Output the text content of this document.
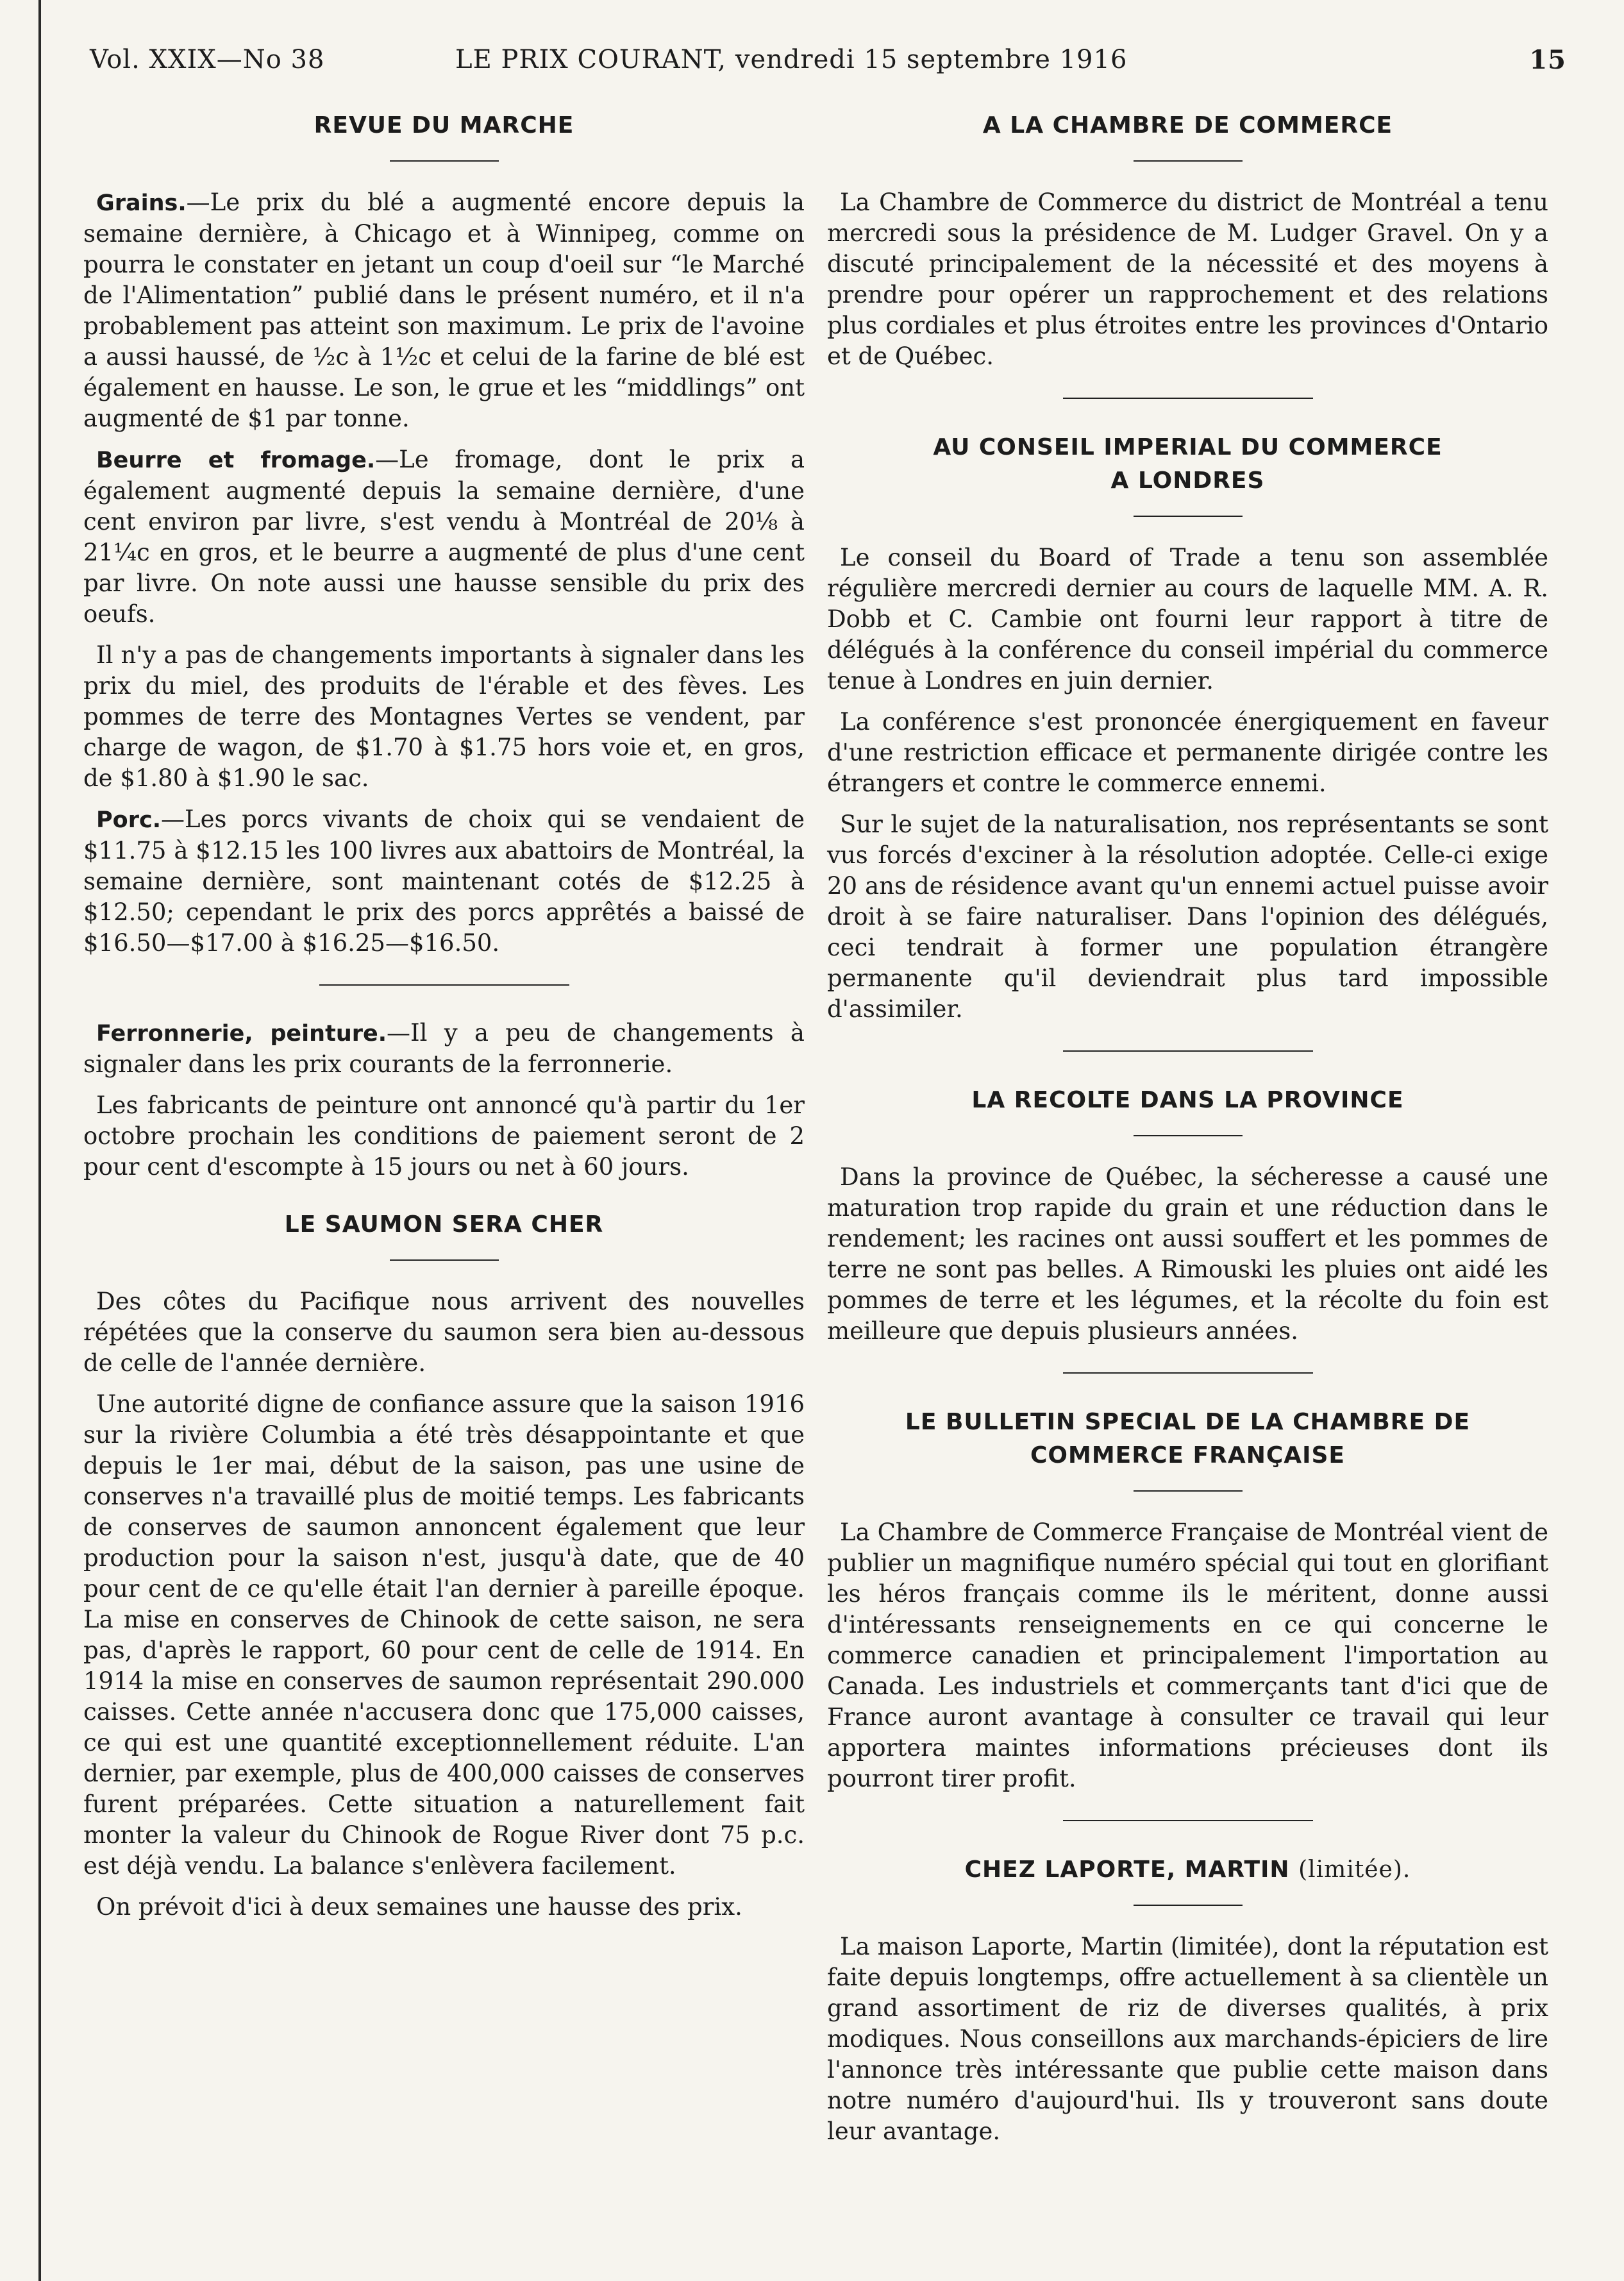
Vol. XXIX—No 38	LE PRIX COURANT, vendredi 15 septembre 1916	15
REVUE DU MARCHE

Grains.—Le prix du blé a augmenté encore depuis la semaine dernière, à Chicago et à Winnipeg, comme on pourra le constater en jetant un coup d'oeil sur “le Marché de l'Alimentation” publié dans le présent numéro, et il n'a probablement pas atteint son maximum. Le prix de l'avoine a aussi haussé, de ½c à 1½c et celui de la farine de blé est également en hausse. Le son, le grue et les “middlings” ont augmenté de $1 par tonne.

Beurre et fromage.—Le fromage, dont le prix a également augmenté depuis la semaine dernière, d'une cent environ par livre, s'est vendu à Montréal de 20⅛ à 21¼c en gros, et le beurre a augmenté de plus d'une cent par livre. On note aussi une hausse sensible du prix des oeufs.

Il n'y a pas de changements importants à signaler dans les prix du miel, des produits de l'érable et des fèves. Les pommes de terre des Montagnes Vertes se vendent, par charge de wagon, de $1.70 à $1.75 hors voie et, en gros, de $1.80 à $1.90 le sac.

Porc.—Les porcs vivants de choix qui se vendaient de $11.75 à $12.15 les 100 livres aux abattoirs de Montréal, la semaine dernière, sont maintenant cotés de $12.25 à $12.50; cependant le prix des porcs apprêtés a baissé de $16.50—$17.00 à $16.25—$16.50.

Ferronnerie, peinture.—Il y a peu de changements à signaler dans les prix courants de la ferronnerie.

Les fabricants de peinture ont annoncé qu'à partir du 1er octobre prochain les conditions de paiement seront de 2 pour cent d'escompte à 15 jours ou net à 60 jours.

LE SAUMON SERA CHER

Des côtes du Pacifique nous arrivent des nouvelles répétées que la conserve du saumon sera bien au-dessous de celle de l'année dernière.

Une autorité digne de confiance assure que la saison 1916 sur la rivière Columbia a été très désappointante et que depuis le 1er mai, début de la saison, pas une usine de conserves n'a travaillé plus de moitié temps. Les fabricants de conserves de saumon annoncent également que leur production pour la saison n'est, jusqu'à date, que de 40 pour cent de ce qu'elle était l'an dernier à pareille époque. La mise en conserves de Chinook de cette saison, ne sera pas, d'après le rapport, 60 pour cent de celle de 1914. En 1914 la mise en conserves de saumon représentait 290.000 caisses. Cette année n'accusera donc que 175,000 caisses, ce qui est une quantité exceptionnellement réduite. L'an dernier, par exemple, plus de 400,000 caisses de conserves furent préparées. Cette situation a naturellement fait monter la valeur du Chinook de Rogue River dont 75 p.c. est déjà vendu. La balance s'enlèvera facilement.

On prévoit d'ici à deux semaines une hausse des prix.

A LA CHAMBRE DE COMMERCE

La Chambre de Commerce du district de Montréal a tenu mercredi sous la présidence de M. Ludger Gravel. On y a discuté principalement de la nécessité et des moyens à prendre pour opérer un rapprochement et des relations plus cordiales et plus étroites entre les provinces d'Ontario et de Québec.

AU CONSEIL IMPERIAL DU COMMERCE
A LONDRES

Le conseil du Board of Trade a tenu son assemblée régulière mercredi dernier au cours de laquelle MM. A. R. Dobb et C. Cambie ont fourni leur rapport à titre de délégués à la conférence du conseil impérial du commerce tenue à Londres en juin dernier.

La conférence s'est prononcée énergiquement en faveur d'une restriction efficace et permanente dirigée contre les étrangers et contre le commerce ennemi.

Sur le sujet de la naturalisation, nos représentants se sont vus forcés d'exciner à la résolution adoptée. Celle-ci exige 20 ans de résidence avant qu'un ennemi actuel puisse avoir droit à se faire naturaliser. Dans l'opinion des délégués, ceci tendrait à former une population étrangère permanente qu'il deviendrait plus tard impossible d'assimiler.

LA RECOLTE DANS LA PROVINCE

Dans la province de Québec, la sécheresse a causé une maturation trop rapide du grain et une réduction dans le rendement; les racines ont aussi souffert et les pommes de terre ne sont pas belles. A Rimouski les pluies ont aidé les pommes de terre et les légumes, et la récolte du foin est meilleure que depuis plusieurs années.

LE BULLETIN SPECIAL DE LA CHAMBRE DE
COMMERCE FRANÇAISE

La Chambre de Commerce Française de Montréal vient de publier un magnifique numéro spécial qui tout en glorifiant les héros français comme ils le méritent, donne aussi d'intéressants renseignements en ce qui concerne le commerce canadien et principalement l'importation au Canada. Les industriels et commerçants tant d'ici que de France auront avantage à consulter ce travail qui leur apportera maintes informations précieuses dont ils pourront tirer profit.

CHEZ LAPORTE, MARTIN (limitée).

La maison Laporte, Martin (limitée), dont la réputation est faite depuis longtemps, offre actuellement à sa clientèle un grand assortiment de riz de diverses qualités, à prix modiques. Nous conseillons aux marchands-épiciers de lire l'annonce très intéressante que publie cette maison dans notre numéro d'aujourd'hui. Ils y trouveront sans doute leur avantage.
